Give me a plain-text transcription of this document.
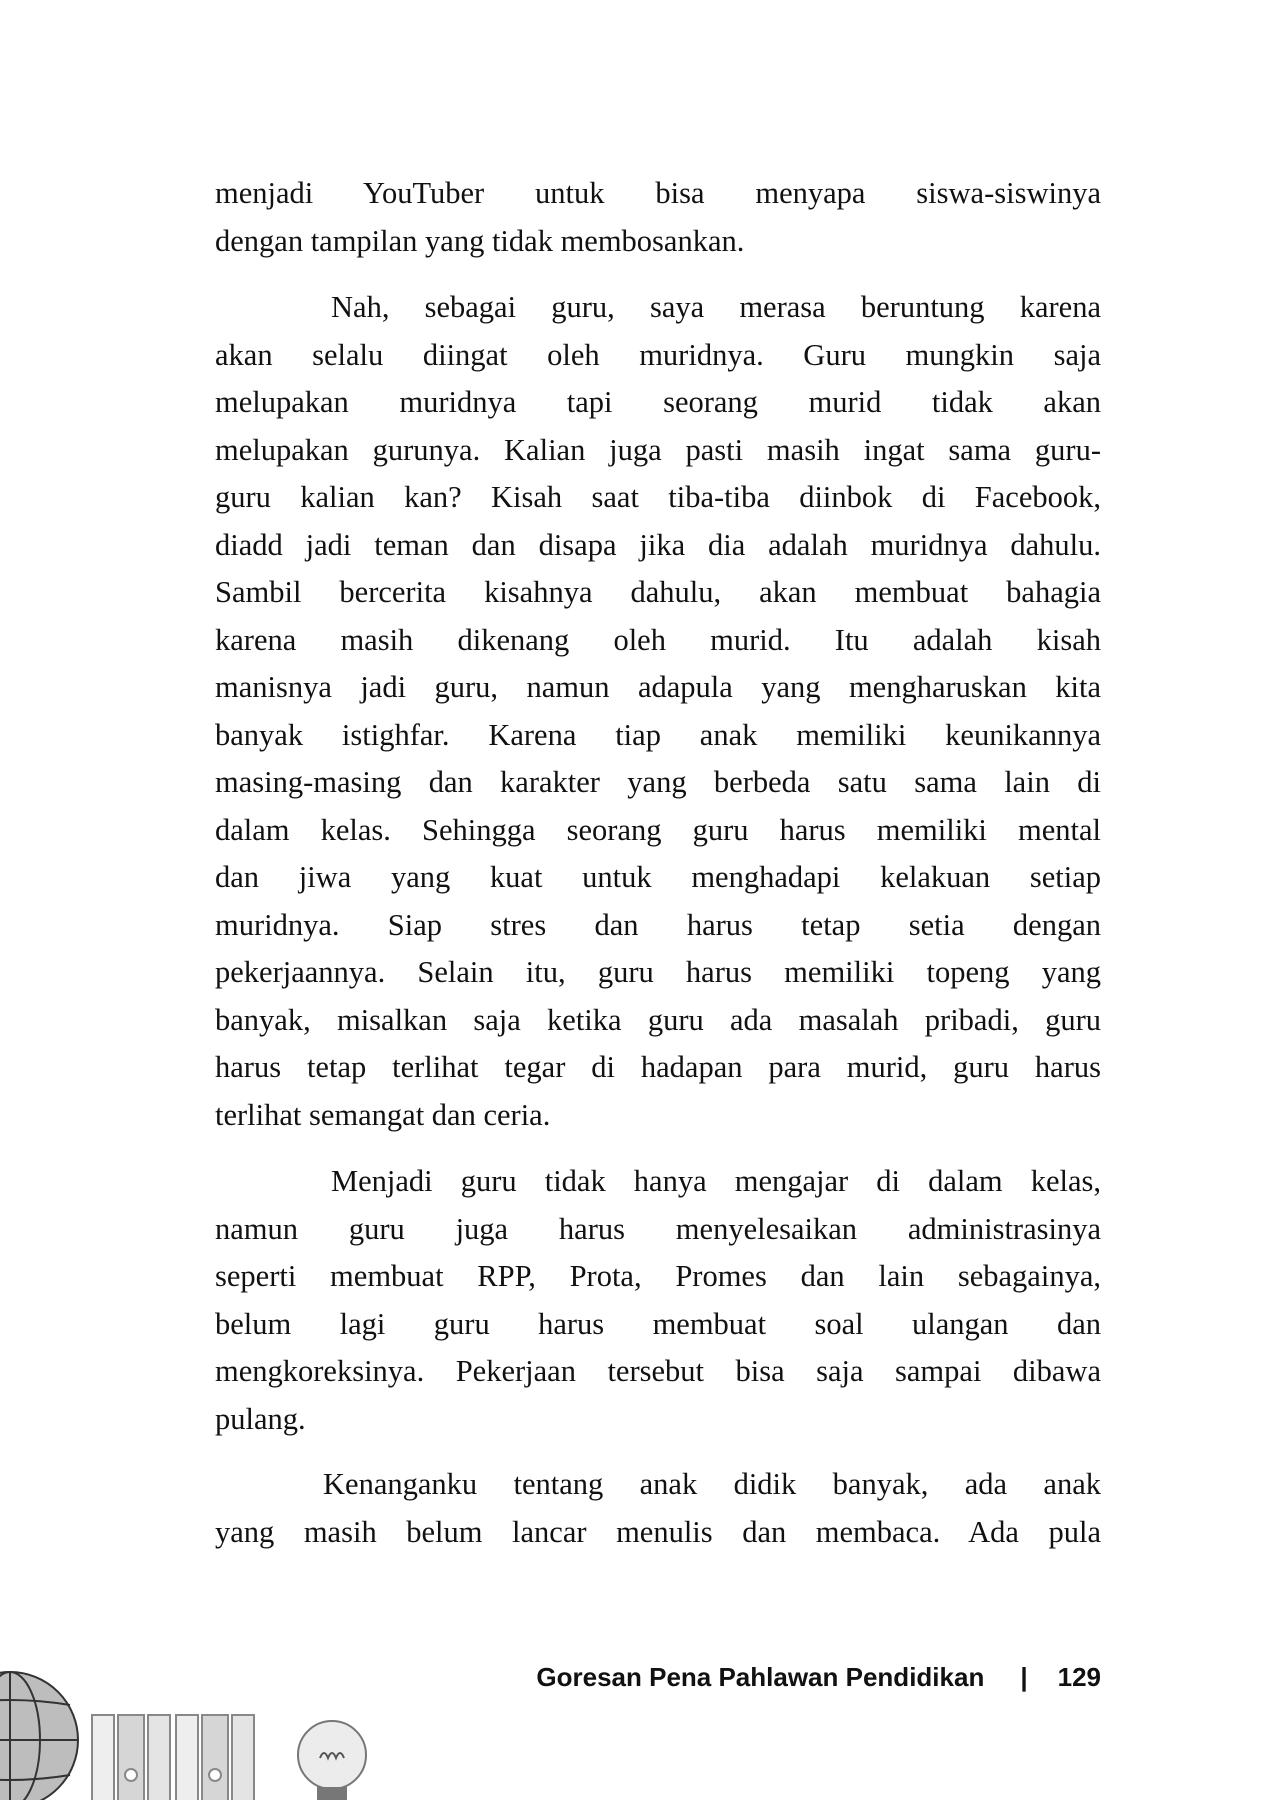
menjadi YouTuber untuk bisa menyapa siswa-siswinya
dengan tampilan yang tidak membosankan.
Nah, sebagai guru, saya merasa beruntung karena
akan selalu diingat oleh muridnya. Guru mungkin saja
melupakan muridnya tapi seorang murid tidak akan
melupakan gurunya. Kalian juga pasti masih ingat sama guru-
guru kalian kan? Kisah saat tiba-tiba diinbok di Facebook,
diadd jadi teman dan disapa jika dia adalah muridnya dahulu.
Sambil bercerita kisahnya dahulu, akan membuat bahagia
karena masih dikenang oleh murid. Itu adalah kisah
manisnya jadi guru, namun adapula yang mengharuskan kita
banyak istighfar. Karena tiap anak memiliki keunikannya
masing-masing dan karakter yang berbeda satu sama lain di
dalam kelas. Sehingga seorang guru harus memiliki mental
dan jiwa yang kuat untuk menghadapi kelakuan setiap
muridnya. Siap stres dan harus tetap setia dengan
pekerjaannya. Selain itu, guru harus memiliki topeng yang
banyak, misalkan saja ketika guru ada masalah pribadi, guru
harus tetap terlihat tegar di hadapan para murid, guru harus
terlihat semangat dan ceria.
Menjadi guru tidak hanya mengajar di dalam kelas,
namun guru juga harus menyelesaikan administrasinya
seperti membuat RPP, Prota, Promes dan lain sebagainya,
belum lagi guru harus membuat soal ulangan dan
mengkoreksinya. Pekerjaan tersebut bisa saja sampai dibawa
pulang.
Kenanganku tentang anak didik banyak, ada anak
yang masih belum lancar menulis dan membaca. Ada pula
Goresan Pena Pahlawan Pendidikan | 129
